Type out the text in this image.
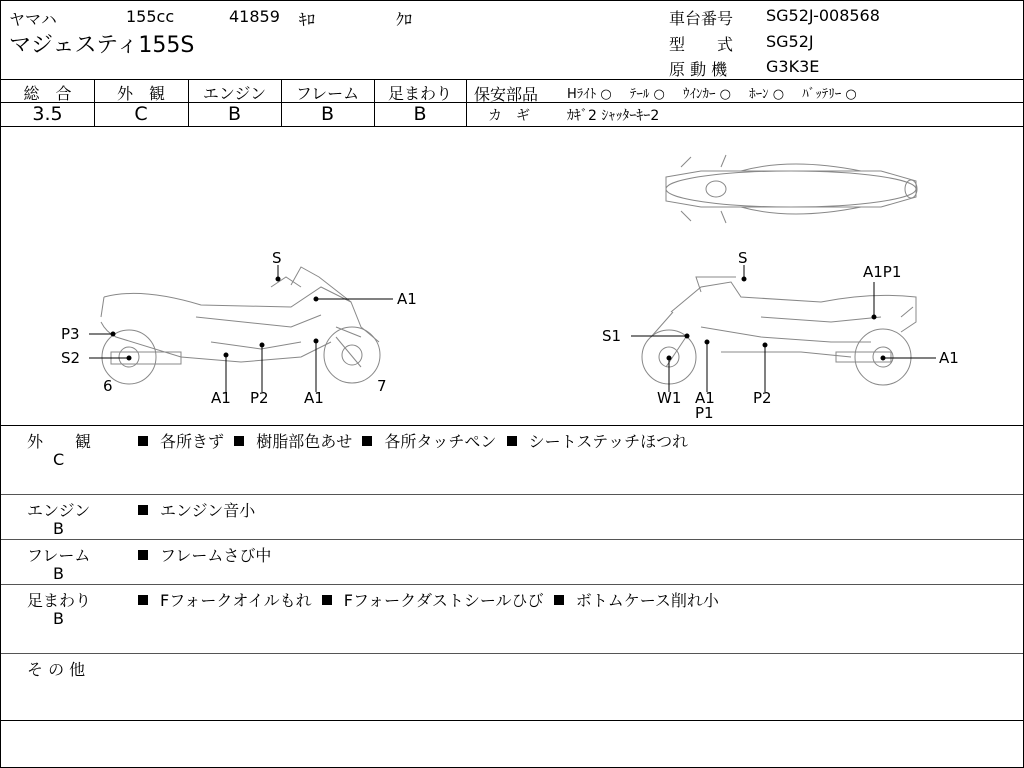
ヤマハ	155cc	41859 ｷﾛ	ｸﾛ
マジェスティ155S
車台番号 SG52J-008568
型　　式 SG52J
原 動 機 G3K3E
総　合	外　観	エンジン	フレーム	足まわり
3.5	C	B	B	B
保安部品 Hﾗｲﾄ ○ ﾃｰﾙ ○ ｳｲﾝｶｰ ○ ﾎｰﾝ ○ ﾊﾞｯﾃﾘｰ ○
カ　ギ	ｶｷﾞ2 ｼｬｯﾀｰｷｰ2
S
A1
P3
S2
6
A1 P2 A1
7
S
A1P1
S1
A1
W1 A1
P1
P2
外　　観
C
各所きず 樹脂部色あせ 各所タッチペン シートステッチほつれ
エンジン
B
エンジン音小
フレーム
B
フレームさび中
足まわり
B
Fフォークオイルもれ Fフォークダストシールひび ボトムケース削れ小
そ の 他
